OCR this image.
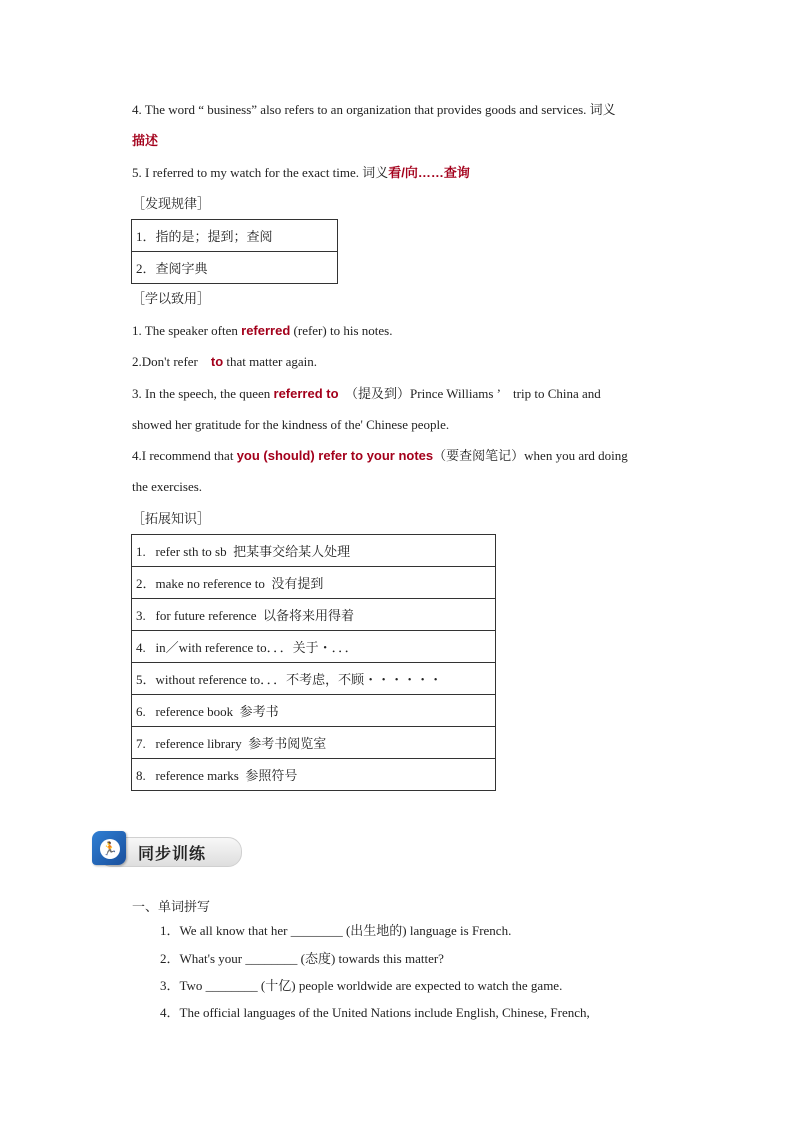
4. The word “ business” also refers to an organization that provides goods and services. 词义
描述
5. I referred to my watch for the exact time. 词义看/向……查询
［发现规律］
1．指的是；提到；查阅
2．查阅字典
［学以致用］
1. The speaker often referred (refer) to his notes.
2.Don't refer    to that matter again.
3. In the speech, the queen referred to  （提及到）Prince Williams ’    trip to China and
showed her gratitude for the kindness of the' Chinese people.
4.I recommend that you (should) refer to your notes（要查阅笔记）when you ard doing
the exercises.
［拓展知识］
1.   refer sth to sb  把某事交给某人处理
2．make no reference to  没有提到
3.   for future reference  以备将来用得着
4.   in／with reference to．．．关于・．．．
5．without reference to．．．不考虑，不顾・・・・・・
6.   reference book  参考书
7.   reference library  参考书阅览室
8.   reference marks  参照符号
🏃 同步训练
一、单词拼写
1．We all know that her ________ (出生地的) language is French.
2．What's your ________ (态度) towards this matter?
3．Two ________ (十亿) people worldwide are expected to watch the game.
4．The official languages of the United Nations include English, Chinese, French,
